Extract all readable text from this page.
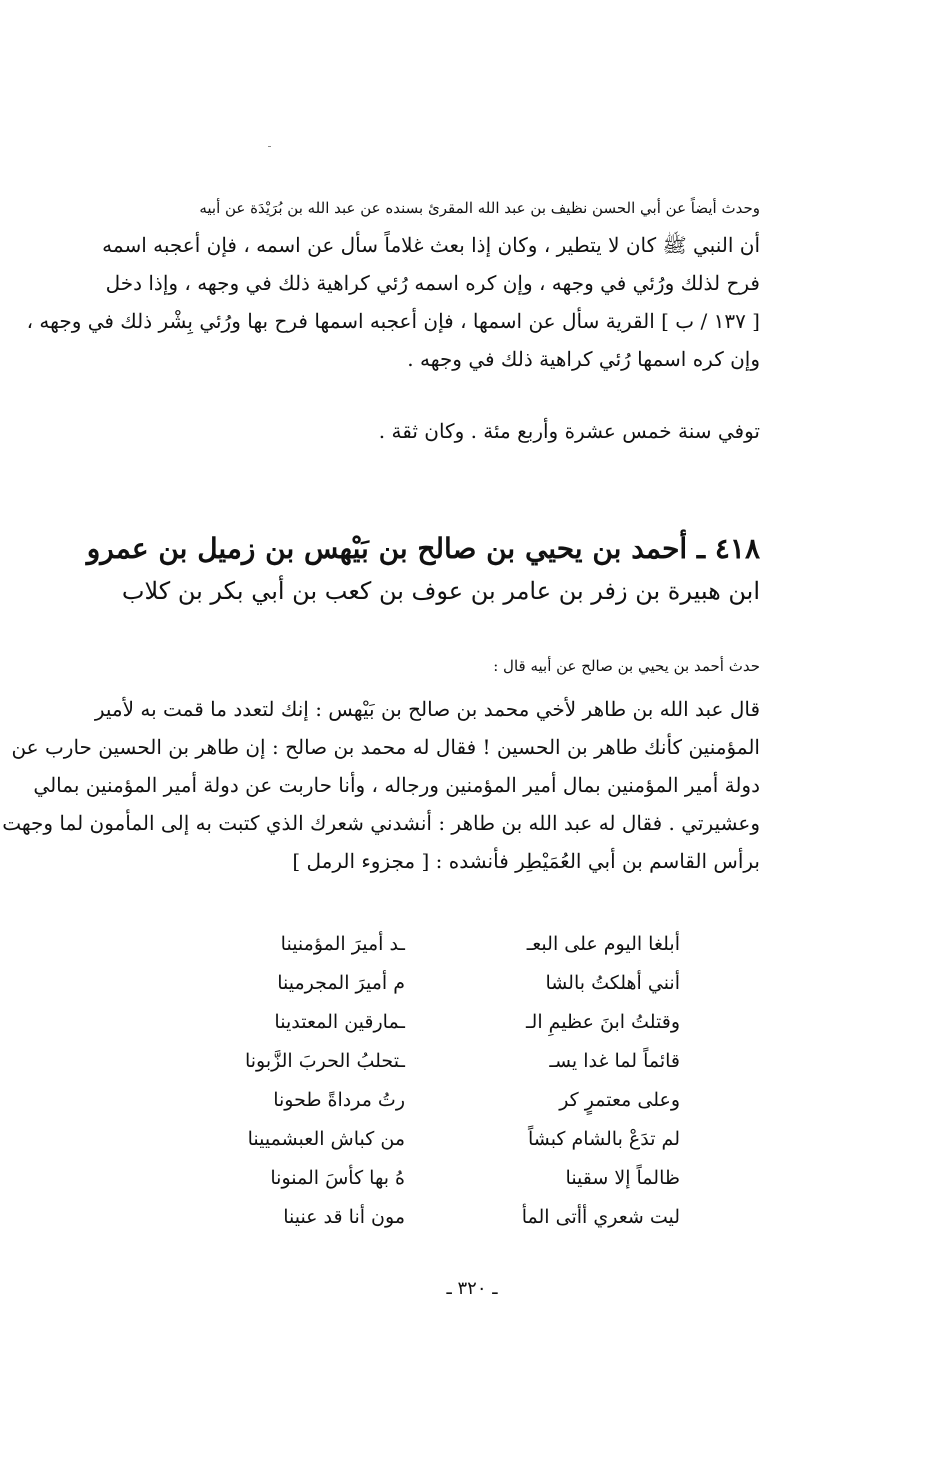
وحدث أيضاً عن أبي الحسن نظيف بن عبد الله المقرئ بسنده عن عبد الله بن بُرَيْدَة عن أبيه
أن النبي ﷺ كان لا يتطير ، وكان إذا بعث غلاماً سأل عن اسمه ، فإن أعجبه اسمه
فرح لذلك ورُئي في وجهه ، وإن كره اسمه رُئي كراهية ذلك في وجهه ، وإذا دخل
[ ١٣٧ / ب ] القرية سأل عن اسمها ، فإن أعجبه اسمها فرح بها ورُئي بِشْر ذلك في وجهه ،
وإن كره اسمها رُئي كراهية ذلك في وجهه .
توفي سنة خمس عشرة وأربع مئة . وكان ثقة .
٤١٨ ـ أحمد بن يحيي بن صالح بن بَيْهس بن زميل بن عمرو
ابن هبيرة بن زفر بن عامر بن عوف بن كعب بن أبي بكر بن كلاب
حدث أحمد بن يحيي بن صالح عن أبيه قال :
قال عبد الله بن طاهر لأخي محمد بن صالح بن بَيْهس : إنك لتعدد ما قمت به لأمير
المؤمنين كأنك طاهر بن الحسين ! فقال له محمد بن صالح : إن طاهر بن الحسين حارب عن
دولة أمير المؤمنين بمال أمير المؤمنين ورجاله ، وأنا حاربت عن دولة أمير المؤمنين بمالي
وعشيرتي . فقال له عبد الله بن طاهر : أنشدني شعرك الذي كتبت به إلى المأمون لما وجهت
برأس القاسم بن أبي العُمَيْطِر فأنشده : [ مجزوء الرمل ]
أبلغا اليوم على البعـ
ـد أميرَ المؤمنينا
أنني أهلكتُ بالشا
م أميرَ المجرمينا
وقتلتُ ابنَ عظيمِ الـ
ـمارقين المعتدينا
قائماً لما غدا يسـ
ـتحلبُ الحربَ الزَّبونا
وعلى معتمرٍ كر
رتُ مرداةً طحونا
لم تدَعْ بالشام كبشاً
من كباش العبشميينا
ظالماً إلا سقينا
هُ بها كأسَ المنونا
ليت شعري أأتى المأ
مون أنا قد عنينا
ـ ٣٢٠ ـ
